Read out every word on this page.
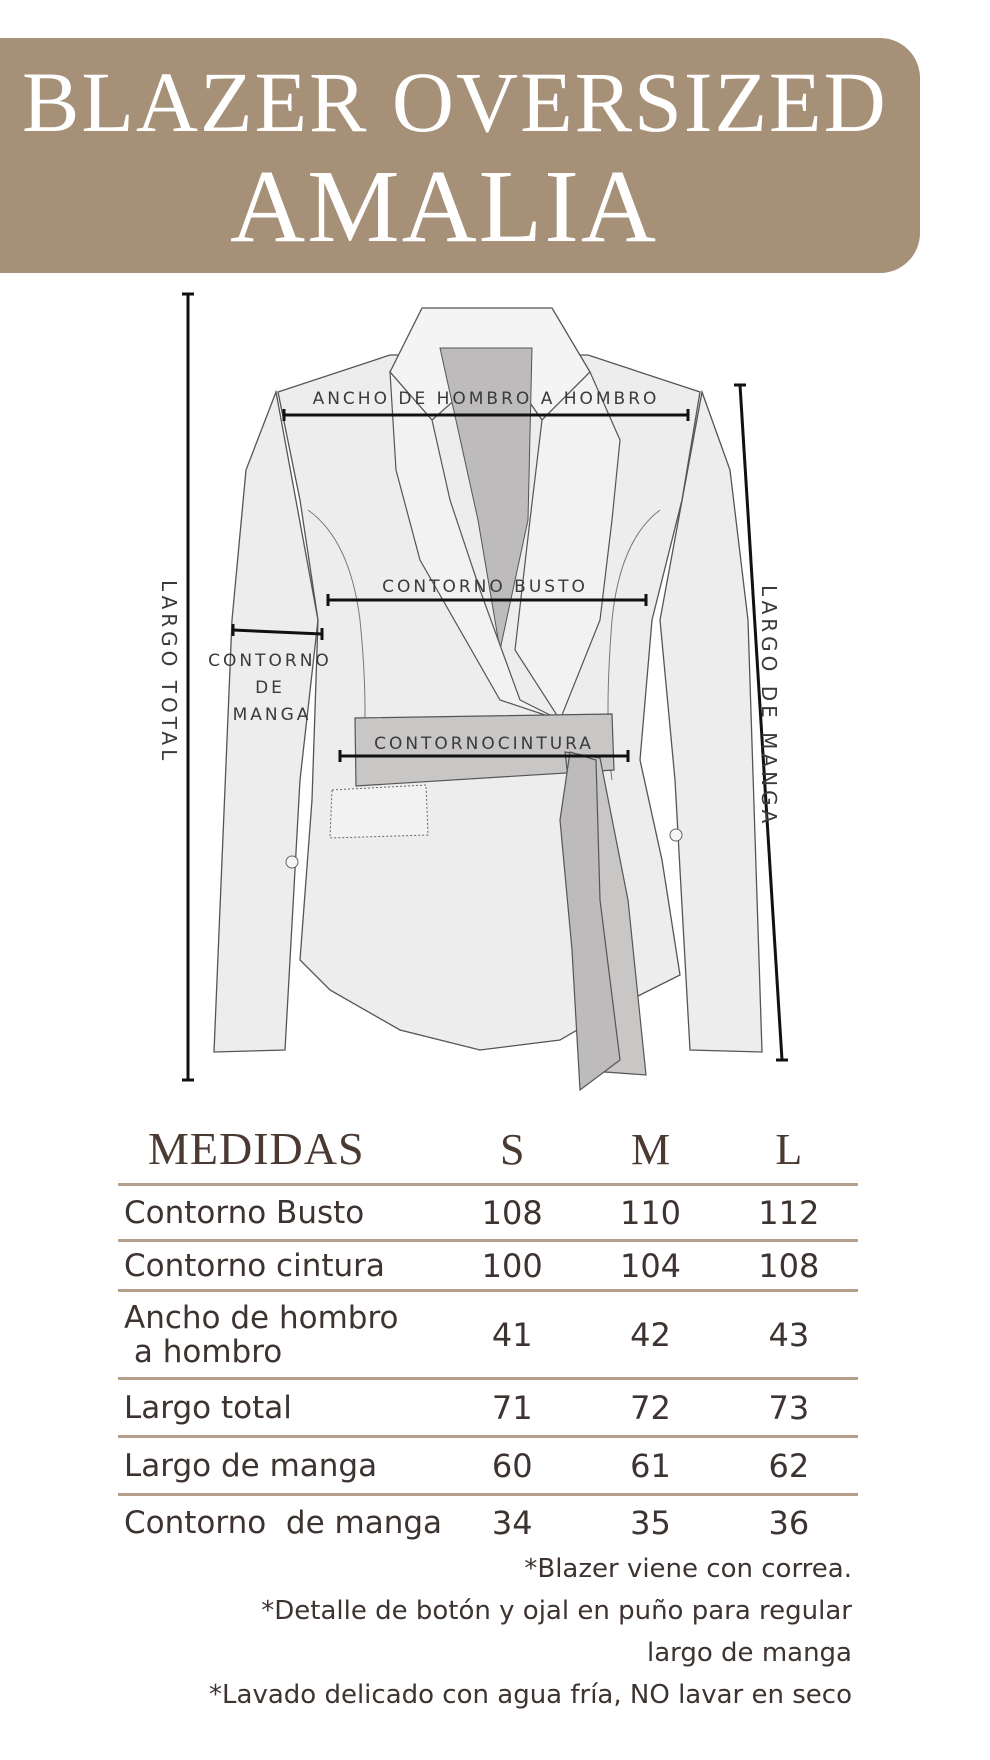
BLAZER OVERSIZED
AMALIA
LARGO TOTAL	LARGO DE MANGA
ANCHO DE HOMBRO A HOMBRO
CONTORNO BUSTO
CONTORNOCINTURA
CONTORNO
DE
MANGA
MEDIDAS	S	M	L
Contorno Busto	108	110	112
Contorno cintura	100	104	108

Ancho de hombro
a hombro	41	42	43
Largo total	71	72	73
Largo de manga	60	61	62
Contorno  de manga	34	35	36
*Blazer viene con correa.
*Detalle de botón y ojal en puño para regular
largo de manga
*Lavado delicado con agua fría, NO lavar en seco
